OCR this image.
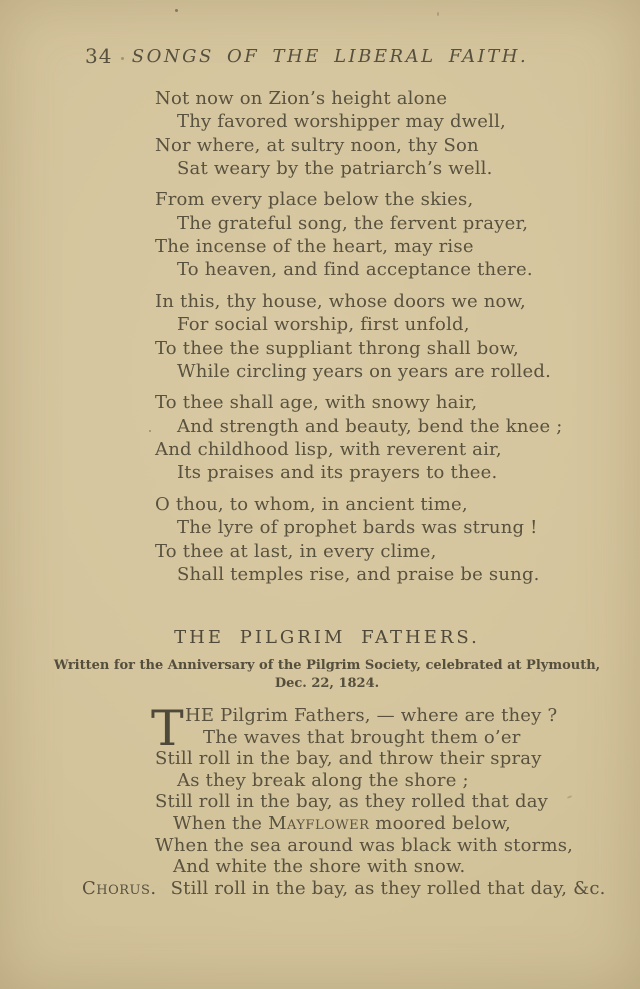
34	SONGS OF THE LIBERAL FAITH.
Not now on Zion’s height alone
Thy favored worshipper may dwell,
Nor where, at sultry noon, thy Son
Sat weary by the patriarch’s well.
From every place below the skies,
The grateful song, the fervent prayer,
The incense of the heart, may rise
To heaven, and find acceptance there.
In this, thy house, whose doors we now,
For social worship, first unfold,
To thee the suppliant throng shall bow,
While circling years on years are rolled.
To thee shall age, with snowy hair,
And strength and beauty, bend the knee ;
And childhood lisp, with reverent air,
Its praises and its prayers to thee.
O thou, to whom, in ancient time,
The lyre of prophet bards was strung !
To thee at last, in every clime,
Shall temples rise, and praise be sung.
THE PILGRIM FATHERS.
Written for the Anniversary of the Pilgrim Society, celebrated at Plymouth,
Dec. 22, 1824.
T HE Pilgrim Fathers, — where are they ?
The waves that brought them o’er
Still roll in the bay, and throw their spray
As they break along the shore ;
Still roll in the bay, as they rolled that day
When the Mayflower moored below,
When the sea around was black with storms,
And white the shore with snow.
Chorus. Still roll in the bay, as they rolled that day, &c.
